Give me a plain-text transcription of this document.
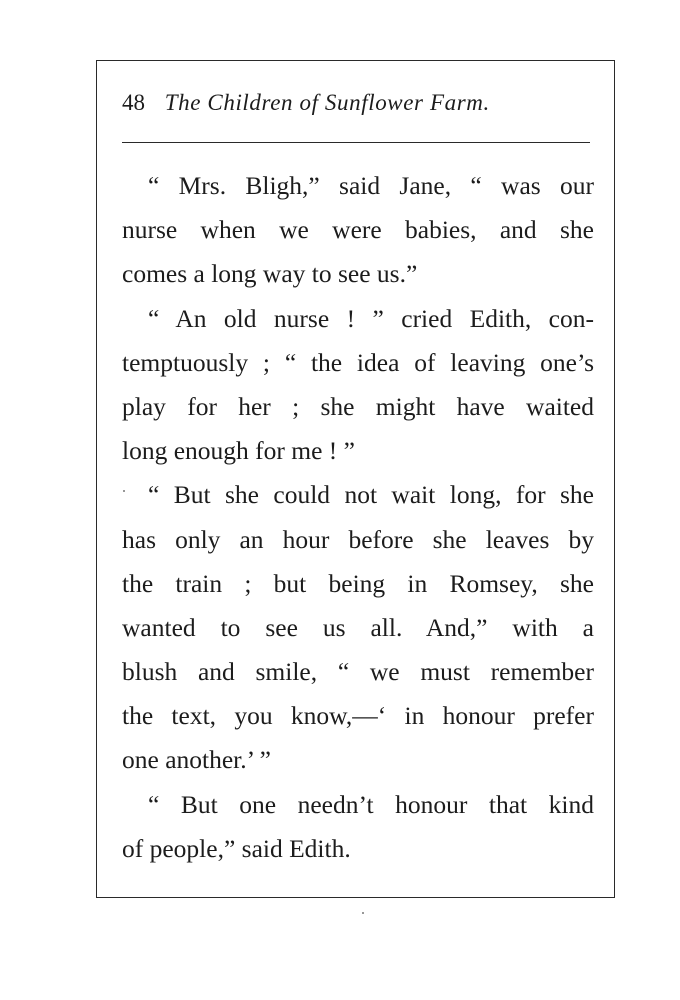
48 The Children of Sunflower Farm.
“ Mrs. Bligh,” said Jane, “ was our
nurse when we were babies, and she
comes a long way to see us.”
“ An old nurse ! ” cried Edith, con-
temptuously ; “ the idea of leaving one’s
play for her ; she might have waited
long enough for me ! ”
“ But she could not wait long, for she
has only an hour before she leaves by
the train ; but being in Romsey, she
wanted to see us all. And,” with a
blush and smile, “ we must remember
the text, you know,—‘ in honour prefer
one another.’ ”
“ But one needn’t honour that kind
of people,” said Edith.
